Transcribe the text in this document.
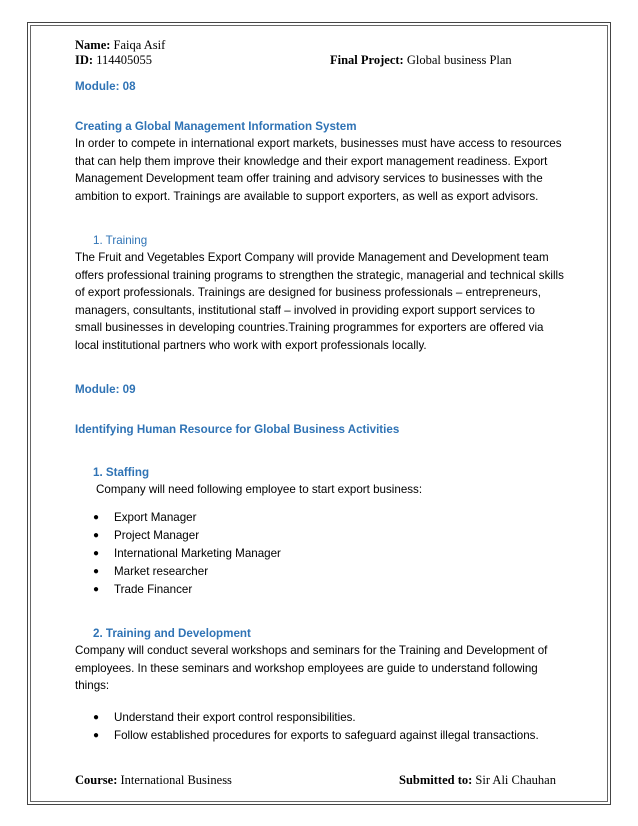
Name: Faiqa Asif
ID: 114405055	Final Project: Global business Plan
Module: 08
Creating a Global Management Information System
In order to compete in international export markets, businesses must have access to resources
that can help them improve their knowledge and their export management readiness. Export
Management Development team offer training and advisory services to businesses with the
ambition to export. Trainings are available to support exporters, as well as export advisors.
1. Training
The Fruit and Vegetables Export Company will provide Management and Development team
offers professional training programs to strengthen the strategic, managerial and technical skills
of export professionals. Trainings are designed for business professionals – entrepreneurs,
managers, consultants, institutional staff – involved in providing export support services to
small businesses in developing countries.Training programmes for exporters are offered via
local institutional partners who work with export professionals locally.
Module: 09
Identifying Human Resource for Global Business Activities
1. Staffing
Company will need following employee to start export business:
● Export Manager
● Project Manager
● International Marketing Manager
● Market researcher
● Trade Financer
2. Training and Development
Company will conduct several workshops and seminars for the Training and Development of
employees. In these seminars and workshop employees are guide to understand following
things:
● Understand their export control responsibilities.
● Follow established procedures for exports to safeguard against illegal transactions.
Course: International Business	Submitted to: Sir Ali Chauhan
